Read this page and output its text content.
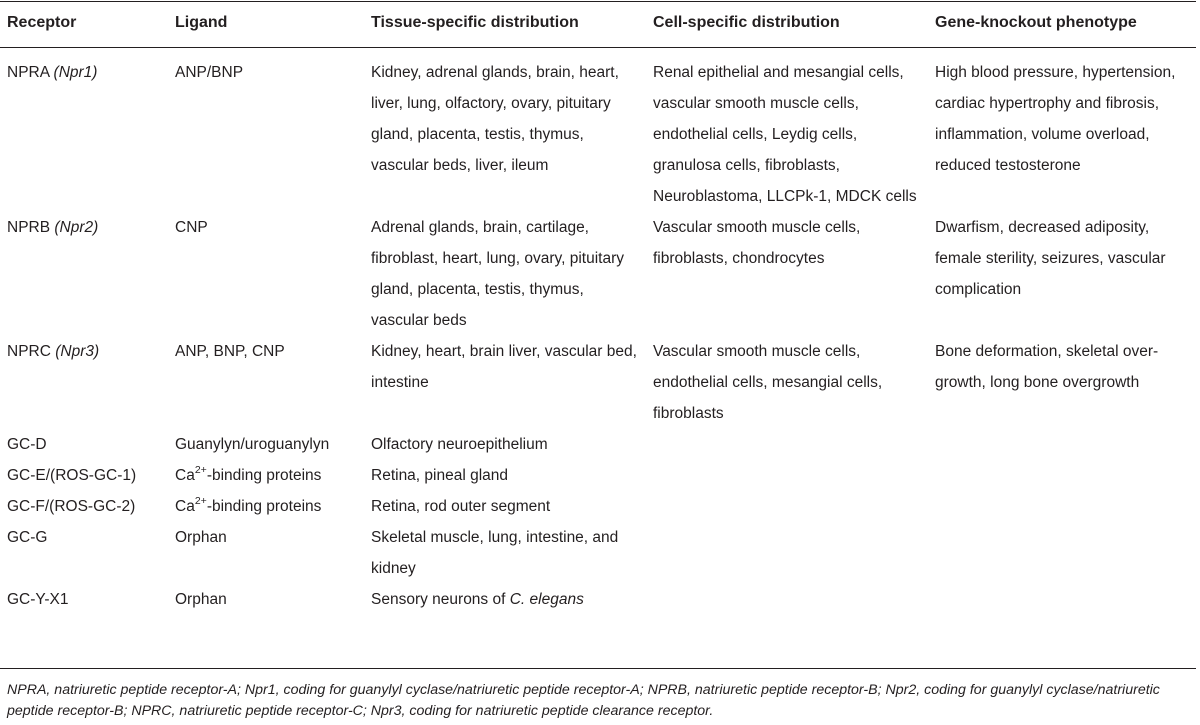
Receptor	Ligand	Tissue-specific distribution	Cell-specific distribution	Gene-knockout phenotype
NPRA (Npr1)	ANP/BNP	Kidney, adrenal glands, brain, heart, liver, lung, olfactory, ovary, pituitary gland, placenta, testis, thymus, vascular beds, liver, ileum	Renal epithelial and mesangial cells, vascular smooth muscle cells, endothelial cells, Leydig cells, granulosa cells, fibroblasts, Neuroblastoma, LLCPk-1, MDCK cells	High blood pressure, hypertension, cardiac hypertrophy and fibrosis, inflammation, volume overload, reduced testosterone
NPRB (Npr2)	CNP	Adrenal glands, brain, cartilage, fibroblast, heart, lung, ovary, pituitary gland, placenta, testis, thymus, vascular beds	Vascular smooth muscle cells, fibroblasts, chondrocytes	Dwarfism, decreased adiposity, female sterility, seizures, vascular complication
NPRC (Npr3)	ANP, BNP, CNP	Kidney, heart, brain liver, vascular bed, intestine	Vascular smooth muscle cells, endothelial cells, mesangial cells, fibroblasts	Bone deformation, skeletal over-growth, long bone overgrowth
GC-D	Guanylyn/uroguanylyn	Olfactory neuroepithelium		
GC-E/(ROS-GC-1)	$Ca^{2+}$-binding proteins	Retina, pineal gland		
GC-F/(ROS-GC-2)	$Ca^{2+}$-binding proteins	Retina, rod outer segment		
GC-G	Orphan	Skeletal muscle, lung, intestine, and kidney		
GC-Y-X1	Orphan	Sensory neurons of C. elegans		
NPRA, natriuretic peptide receptor-A; Npr1, coding for guanylyl cyclase/natriuretic peptide receptor-A; NPRB, natriuretic peptide receptor-B; Npr2, coding for guanylyl cyclase/natriuretic peptide receptor-B; NPRC, natriuretic peptide receptor-C; Npr3, coding for natriuretic peptide clearance receptor.
